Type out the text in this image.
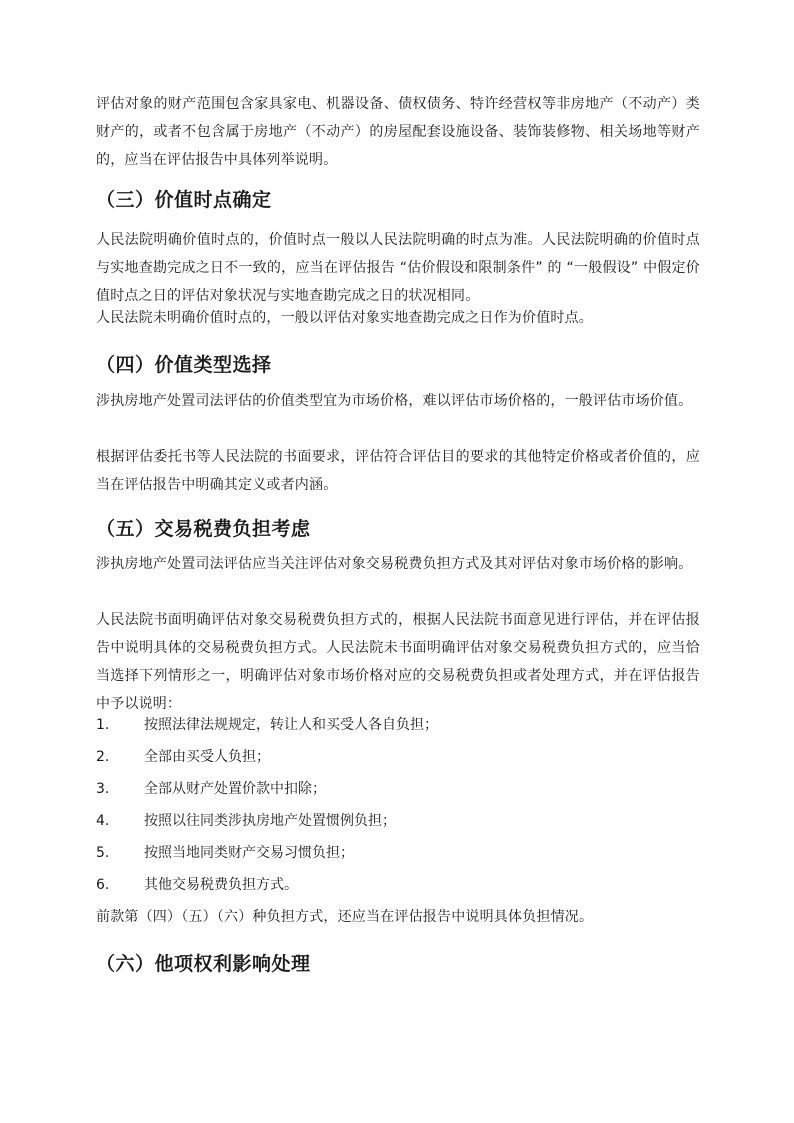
评估对象的财产范围包含家具家电、机器设备、债权债务、特许经营权等非房地产（不动产）类财产的，或者不包含属于房地产（不动产）的房屋配套设施设备、装饰装修物、相关场地等财产的，应当在评估报告中具体列举说明。

（三）价值时点确定

人民法院明确价值时点的，价值时点一般以人民法院明确的时点为准。人民法院明确的价值时点与实地查勘完成之日不一致的，应当在评估报告 “估价假设和限制条件” 的 “一般假设” 中假定价值时点之日的评估对象状况与实地查勘完成之日的状况相同。

人民法院未明确价值时点的，一般以评估对象实地查勘完成之日作为价值时点。

（四）价值类型选择

涉执房地产处置司法评估的价值类型宜为市场价格，难以评估市场价格的，一般评估市场价值。

根据评估委托书等人民法院的书面要求，评估符合评估目的要求的其他特定价格或者价值的，应当在评估报告中明确其定义或者内涵。

（五）交易税费负担考虑

涉执房地产处置司法评估应当关注评估对象交易税费负担方式及其对评估对象市场价格的影响。

人民法院书面明确评估对象交易税费负担方式的，根据人民法院书面意见进行评估，并在评估报告中说明具体的交易税费负担方式。人民法院未书面明确评估对象交易税费负担方式的，应当恰当选择下列情形之一，明确评估对象市场价格对应的交易税费负担或者处理方式，并在评估报告中予以说明：

1. 按照法律法规规定，转让人和买受人各自负担；
2. 全部由买受人负担；
3. 全部从财产处置价款中扣除；
4. 按照以往同类涉执房地产处置惯例负担；
5. 按照当地同类财产交易习惯负担；
6. 其他交易税费负担方式。

前款第（四）（五）（六）种负担方式，还应当在评估报告中说明具体负担情况。

（六）他项权利影响处理
